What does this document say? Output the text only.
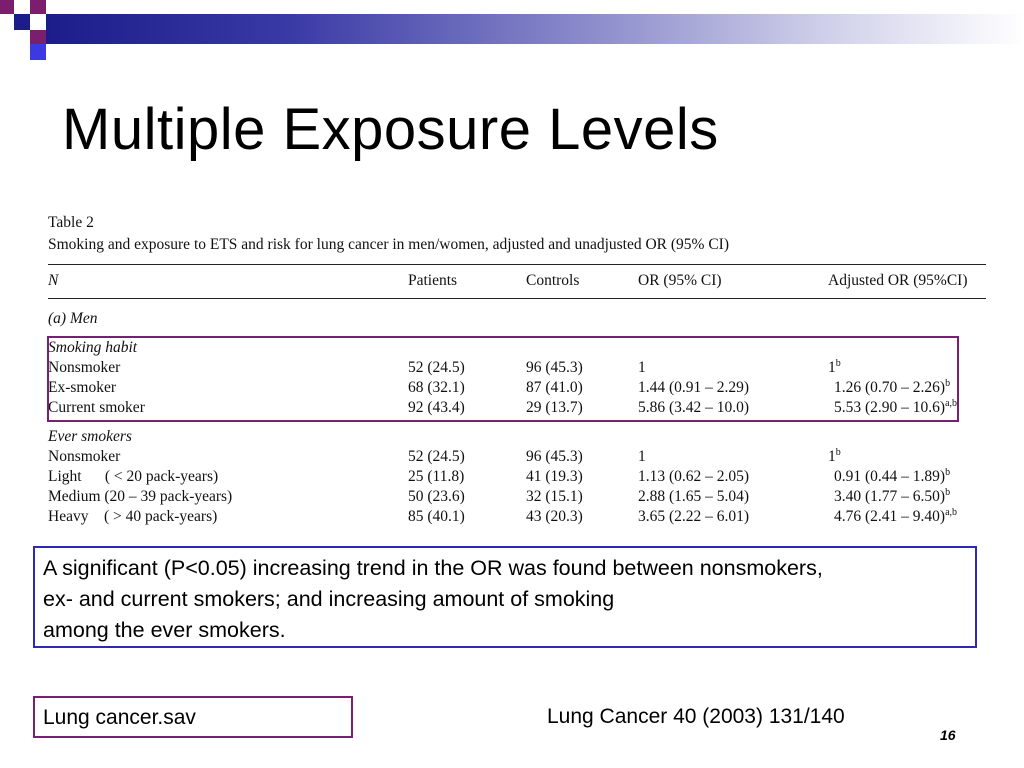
Multiple Exposure Levels
Table 2
Smoking and exposure to ETS and risk for lung cancer in men/women, adjusted and unadjusted OR (95% CI)
N	Patients	Controls	OR (95% CI)	Adjusted OR (95%CI)
(a) Men
Smoking habit
Nonsmoker	52 (24.5)	96 (45.3)	1	1$^b$
Ex-smoker	68 (32.1)	87 (41.0)	1.44 (0.91 – 2.29)	1.26 (0.70 – 2.26)$^b$
Current smoker	92 (43.4)	29 (13.7)	5.86 (3.42 – 10.0)	5.53 (2.90 – 10.6)$^{a,b}$
Ever smokers
Nonsmoker	52 (24.5)	96 (45.3)	1	1$^b$
Light      ( < 20 pack-years)	25 (11.8)	41 (19.3)	1.13 (0.62 – 2.05)	0.91 (0.44 – 1.89)$^b$
Medium (20 – 39 pack-years)	50 (23.6)	32 (15.1)	2.88 (1.65 – 5.04)	3.40 (1.77 – 6.50)$^b$
Heavy    ( > 40 pack-years)	85 (40.1)	43 (20.3)	3.65 (2.22 – 6.01)	4.76 (2.41 – 9.40)$^{a,b}$
A significant (P<0.05) increasing trend in the OR was found between nonsmokers,
ex- and current smokers; and increasing amount of smoking
among the ever smokers.
Lung cancer.sav	Lung Cancer 40 (2003) 131/140
16
